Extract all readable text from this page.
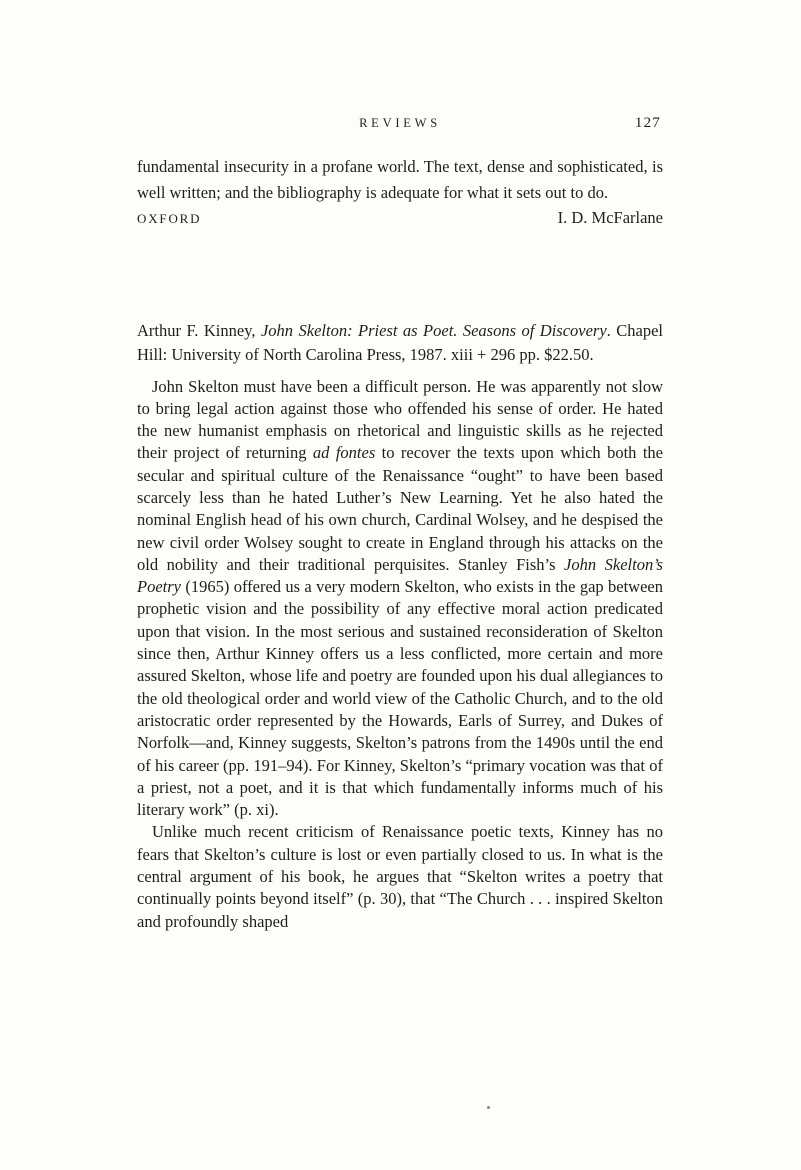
REVIEWS	127

fundamental insecurity in a profane world. The text, dense and sophisticated, is well written; and the bibliography is adequate for what it sets out to do.

OXFORD	I. D. McFarlane

Arthur F. Kinney, John Skelton: Priest as Poet. Seasons of Discovery. Chapel Hill: University of North Carolina Press, 1987. xiii + 296 pp. $22.50.

John Skelton must have been a difficult person. He was apparently not slow to bring legal action against those who offended his sense of order. He hated the new humanist emphasis on rhetorical and linguistic skills as he rejected their project of returning ad fontes to recover the texts upon which both the secular and spiritual culture of the Renaissance “ought” to have been based scarcely less than he hated Luther’s New Learning. Yet he also hated the nominal English head of his own church, Cardinal Wolsey, and he despised the new civil order Wolsey sought to create in England through his attacks on the old nobility and their traditional perquisites. Stanley Fish’s John Skelton’s Poetry (1965) offered us a very modern Skelton, who exists in the gap between prophetic vision and the possibility of any effective moral action predicated upon that vision. In the most serious and sustained reconsideration of Skelton since then, Arthur Kinney offers us a less conflicted, more certain and more assured Skelton, whose life and poetry are founded upon his dual allegiances to the old theological order and world view of the Catholic Church, and to the old aristocratic order represented by the Howards, Earls of Surrey, and Dukes of Norfolk—and, Kinney suggests, Skelton’s patrons from the 1490s until the end of his career (pp. 191–94). For Kinney, Skelton’s “primary vocation was that of a priest, not a poet, and it is that which fundamentally informs much of his literary work” (p. xi).

Unlike much recent criticism of Renaissance poetic texts, Kinney has no fears that Skelton’s culture is lost or even partially closed to us. In what is the central argument of his book, he argues that “Skelton writes a poetry that continually points beyond itself” (p. 30), that “The Church . . . inspired Skelton and profoundly shaped
